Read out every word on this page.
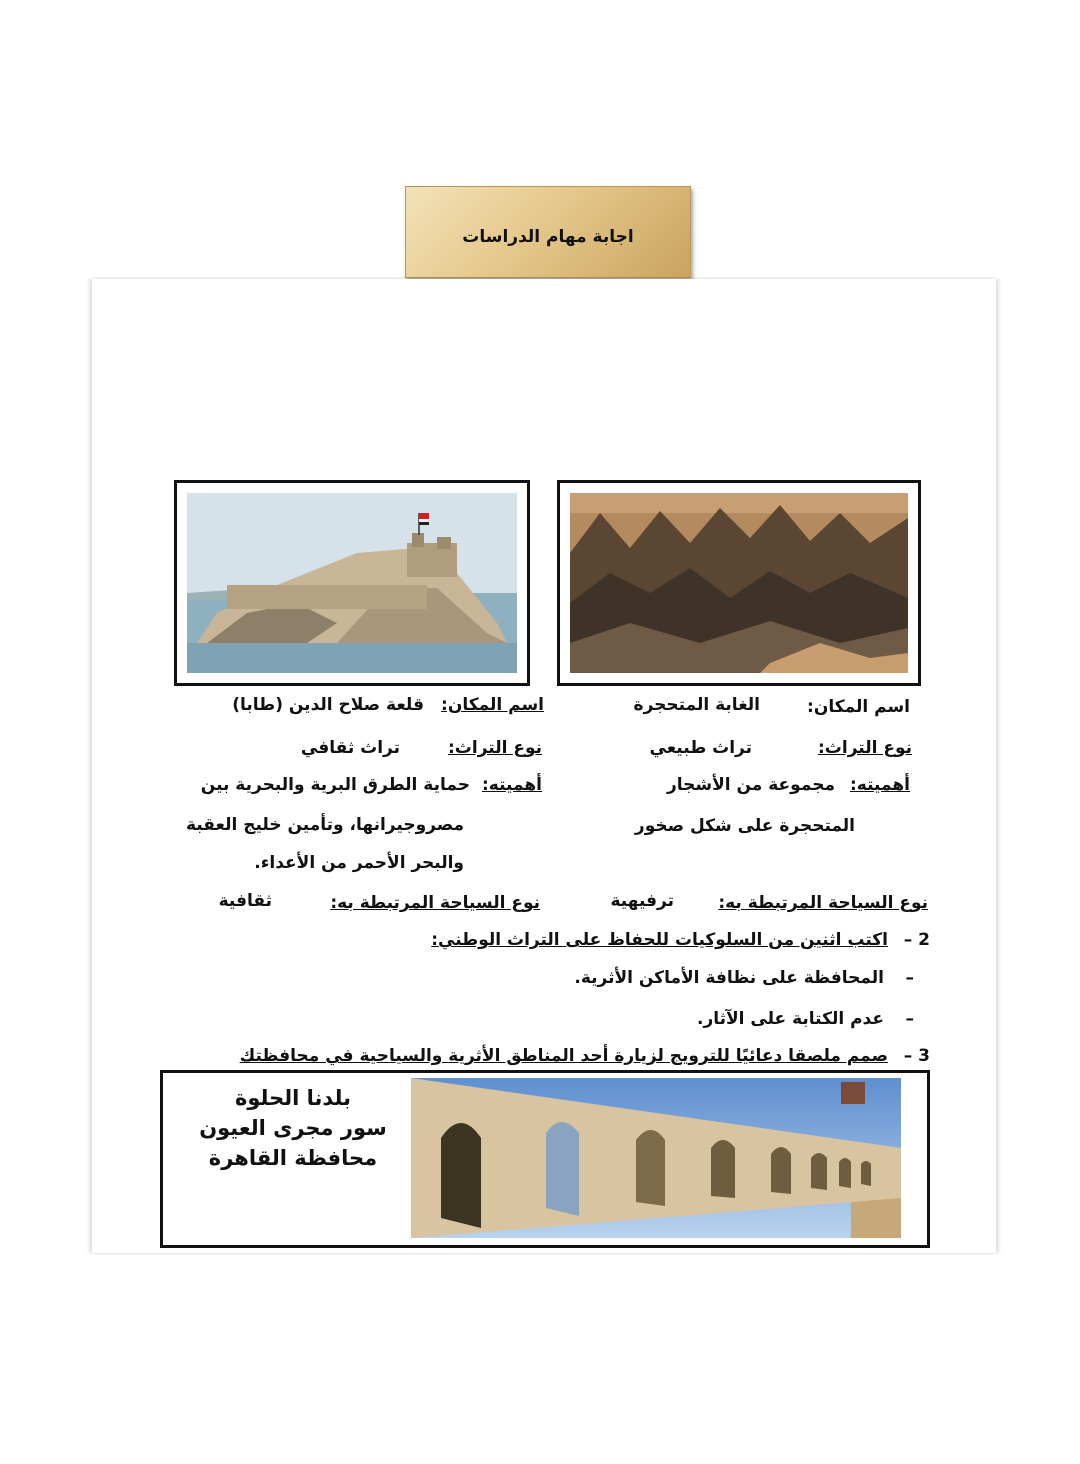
اجابة مهام الدراسات
اسم المكان:
الغابة المتحجرة
نوع التراث:
تراث طبيعي
أهميته:
مجموعة من الأشجار
المتحجرة على شكل صخور
اسم المكان:
قلعة صلاح الدين (طابا)
نوع التراث:
تراث ثقافي
أهميته:
حماية الطرق البرية والبحرية بين
مصروجيرانها، وتأمين خليج العقبة
والبحر الأحمر من الأعداء.
نوع السياحة المرتبطة به:
ترفيهية
نوع السياحة المرتبطة به:
ثقافية
2 –
اكتب اثنين من السلوكيات للحفاظ على التراث الوطني:
–
المحافظة على نظافة الأماكن الأثرية.
–
عدم الكتابة على الآثار.
3 –
صمم ملصقا دعائيًا للترويج لزيارة أحد المناطق الأثرية والسياحية في محافظتك
بلدنا الحلوة
سور مجرى العيون
محافظة القاهرة
